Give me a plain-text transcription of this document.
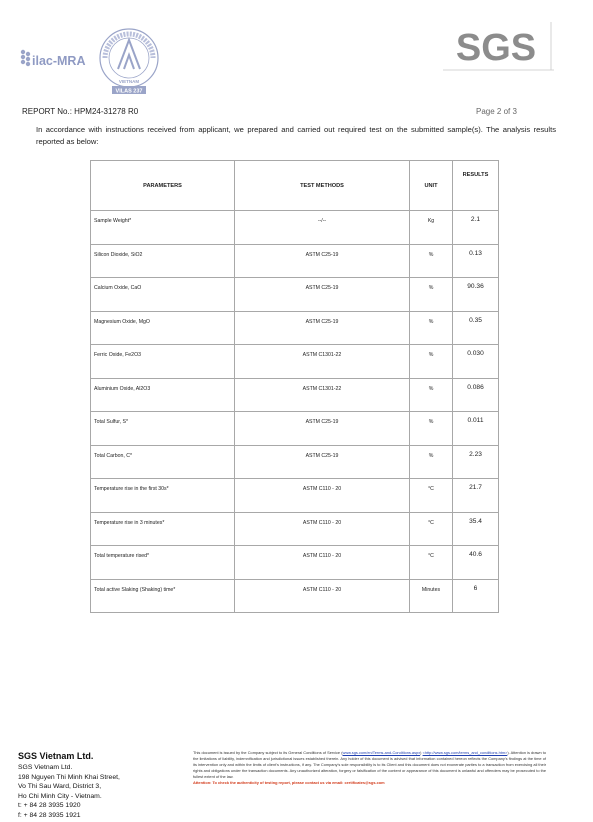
ilac-MRA
VIETNAM
VILAS 237
SGS
REPORT No.: HPM24-31278 R0	Page 2 of 3
In accordance with instructions received from applicant, we prepared and carried out required test on the submitted sample(s). The analysis results reported as below:
PARAMETERS	TEST METHODS	UNIT	RESULTS
Sample Weight*	--/--	Kg	2.1
Silicon Dioxide, SiO2	ASTM C25-19	%	0.13
Calcium Oxide, CaO	ASTM C25-19	%	90.36
Magnesium Oxide, MgO	ASTM C25-19	%	0.35
Ferric Oxide, Fe2O3	ASTM C1301-22	%	0.030
Aluminium Oxide, Al2O3	ASTM C1301-22	%	0.086
Total Sulfur, S*	ASTM C25-19	%	0.011
Total Carbon, C*	ASTM C25-19	%	2.23
Temperature rise in the first 30s*	ASTM C110 - 20	°C	21.7
Temperature rise in 3 minutes*	ASTM C110 - 20	°C	35.4
Total temperature rised*	ASTM C110 - 20	°C	40.6
Total active Slaking (Shaking) time*	ASTM C110 - 20	Minutes	6
SGS Vietnam Ltd.
SGS Vietnam Ltd.
198 Nguyen Thi Minh Khai Street,
Vo Thi Sau Ward, District 3,
Ho Chi Minh City - Vietnam.
t: + 84 28 3935 1920
f: + 84 28 3935 1921
This document is issued by the Company subject to its General Conditions of Service (www.sgs.com/en/Terms-and-Conditions.aspx) <http://www.sgs.com/terms_and_conditions.htm>). Attention is drawn to the limitations of liability, indemnification and jurisdictional issues established therein. Any holder of this document is advised that information contained hereon reflects the Company's findings at the time of its intervention only and within the limits of client's instructions, if any. The Company's sole responsibility is to its Client and this document does not exonerate parties to a transaction from exercising all their rights and obligations under the transaction documents. Any unauthorized alteration, forgery or falsification of the content or appearance of this document is unlawful and offenders may be prosecuted to the fullest extent of the law.
Attention: To check the authenticity of testing report, please contact us via email: certificates@sgs.com
